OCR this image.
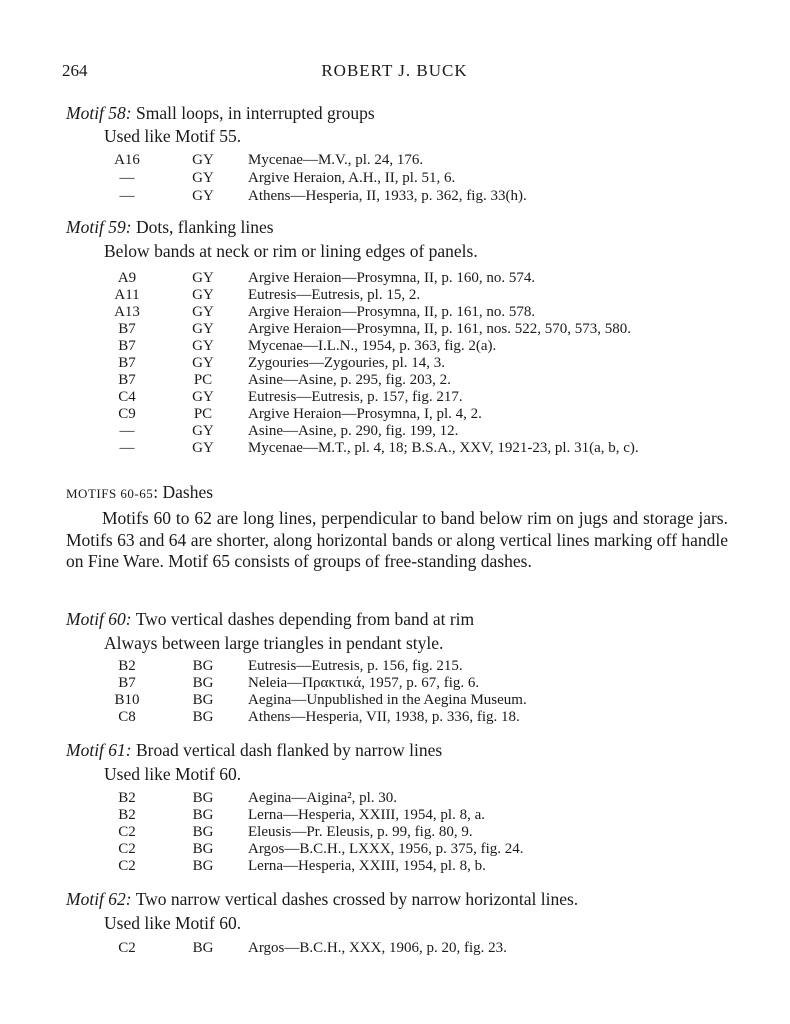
264	ROBERT J. BUCK
Motif 58: Small loops, in interrupted groups
Used like Motif 55.
A16	GY	Mycenae—M.V., pl. 24, 176.
—	GY	Argive Heraion, A.H., II, pl. 51, 6.
—	GY	Athens—Hesperia, II, 1933, p. 362, fig. 33(h).
Motif 59: Dots, flanking lines
Below bands at neck or rim or lining edges of panels.
A9	GY	Argive Heraion—Prosymna, II, p. 160, no. 574.
A11	GY	Eutresis—Eutresis, pl. 15, 2.
A13	GY	Argive Heraion—Prosymna, II, p. 161, no. 578.
B7	GY	Argive Heraion—Prosymna, II, p. 161, nos. 522, 570, 573, 580.
B7	GY	Mycenae—I.L.N., 1954, p. 363, fig. 2(a).
B7	GY	Zygouries—Zygouries, pl. 14, 3.
B7	PC	Asine—Asine, p. 295, fig. 203, 2.
C4	GY	Eutresis—Eutresis, p. 157, fig. 217.
C9	PC	Argive Heraion—Prosymna, I, pl. 4, 2.
—	GY	Asine—Asine, p. 290, fig. 199, 12.
—	GY	Mycenae—M.T., pl. 4, 18; B.S.A., XXV, 1921-23, pl. 31(a, b, c).
Motif 60: Two vertical dashes depending from band at rim
Always between large triangles in pendant style.
B2	BG	Eutresis—Eutresis, p. 156, fig. 215.
B7	BG	Neleia—Πρακτικά, 1957, p. 67, fig. 6.
B10	BG	Aegina—Unpublished in the Aegina Museum.
C8	BG	Athens—Hesperia, VII, 1938, p. 336, fig. 18.
Motif 61: Broad vertical dash flanked by narrow lines
Used like Motif 60.
B2	BG	Aegina—Aigina², pl. 30.
B2	BG	Lerna—Hesperia, XXIII, 1954, pl. 8, a.
C2	BG	Eleusis—Pr. Eleusis, p. 99, fig. 80, 9.
C2	BG	Argos—B.C.H., LXXX, 1956, p. 375, fig. 24.
C2	BG	Lerna—Hesperia, XXIII, 1954, pl. 8, b.
Motif 62: Two narrow vertical dashes crossed by narrow horizontal lines.
Used like Motif 60.
C2	BG	Argos—B.C.H., XXX, 1906, p. 20, fig. 23.
MOTIFS 60-65: Dashes
Motifs 60 to 62 are long lines, perpendicular to band below rim on jugs and storage jars. Motifs 63 and 64 are shorter, along horizontal bands or along vertical lines marking off handle on Fine Ware. Motif 65 consists of groups of free-standing dashes.
